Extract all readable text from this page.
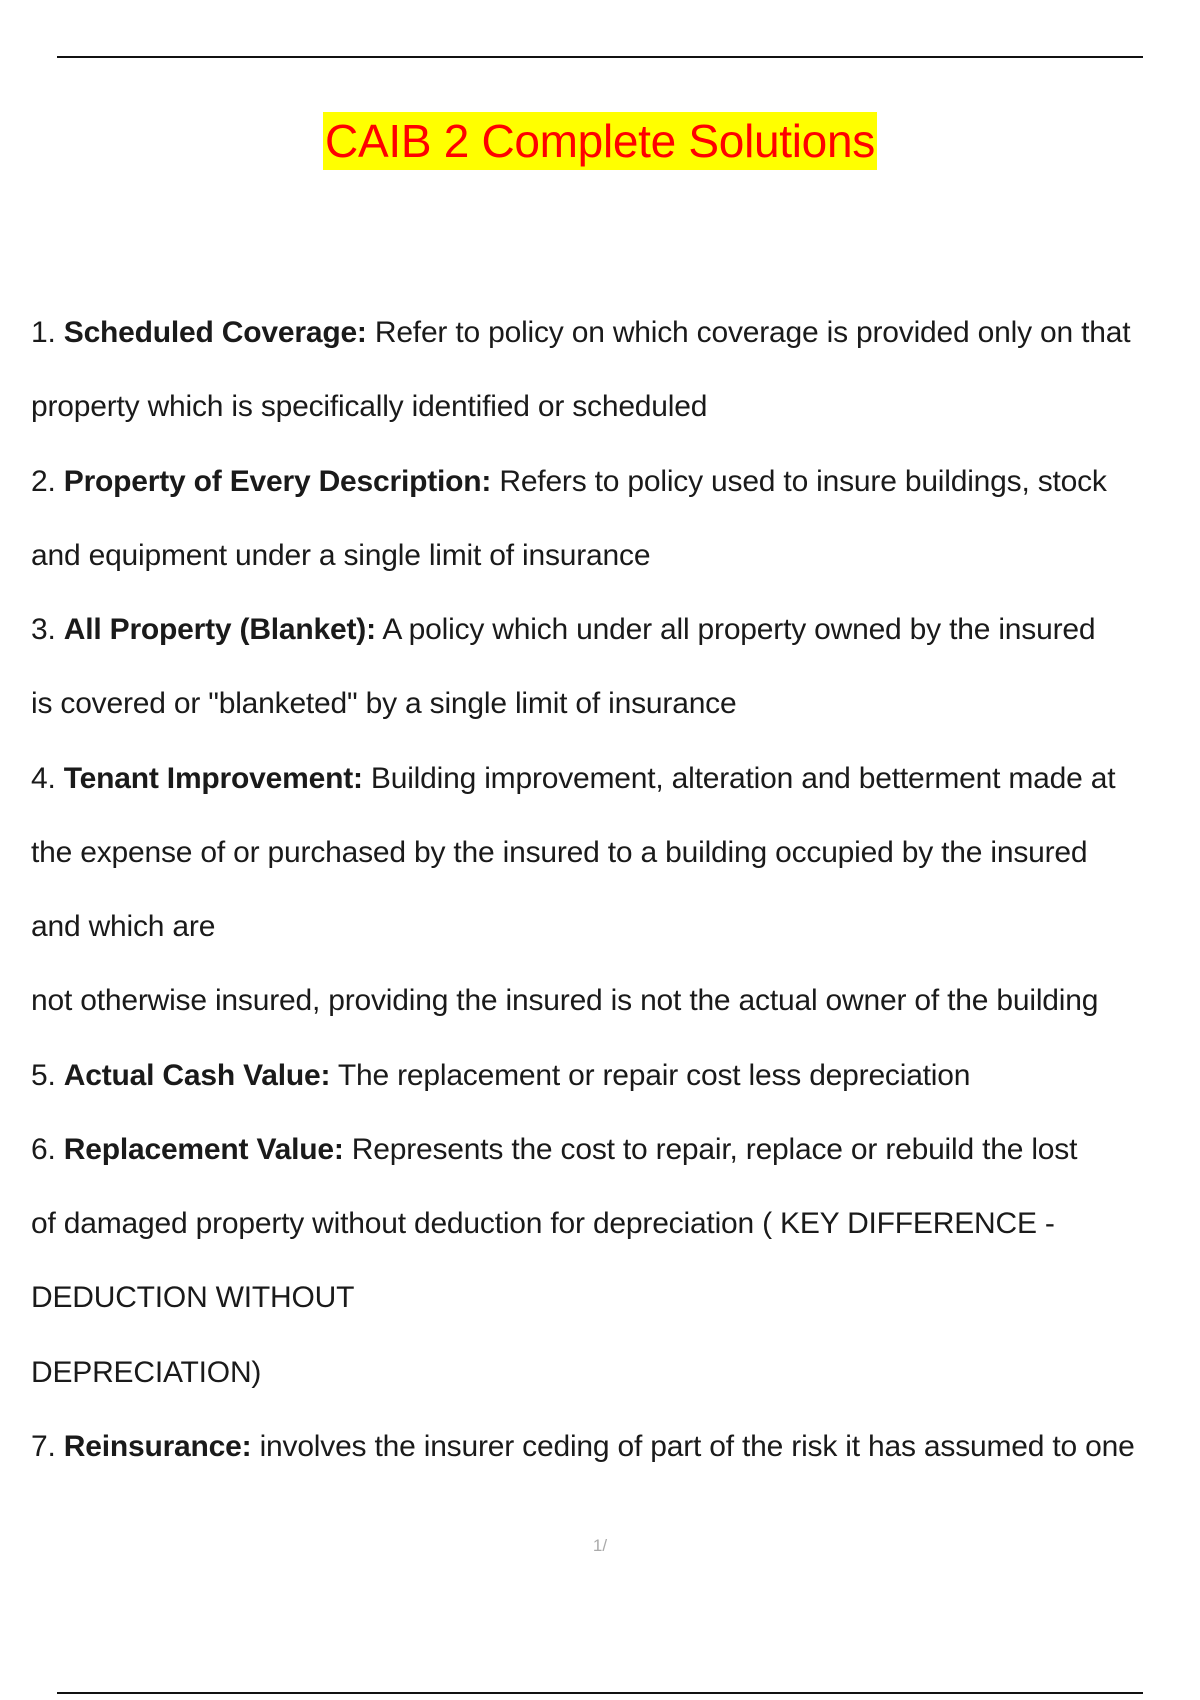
CAIB 2 Complete Solutions
1. Scheduled Coverage: Refer to policy on which coverage is provided only on that
property which is specifically identified or scheduled
2. Property of Every Description: Refers to policy used to insure buildings, stock
and equipment under a single limit of insurance
3. All Property (Blanket): A policy which under all property owned by the insured
is covered or "blanketed" by a single limit of insurance
4. Tenant Improvement: Building improvement, alteration and betterment made at
the expense of or purchased by the insured to a building occupied by the insured
and which are
not otherwise insured, providing the insured is not the actual owner of the building
5. Actual Cash Value: The replacement or repair cost less depreciation
6. Replacement Value: Represents the cost to repair, replace or rebuild the lost
of damaged property without deduction for depreciation ( KEY DIFFERENCE -
DEDUCTION WITHOUT
DEPRECIATION)
7. Reinsurance: involves the insurer ceding of part of the risk it has assumed to one
1/
